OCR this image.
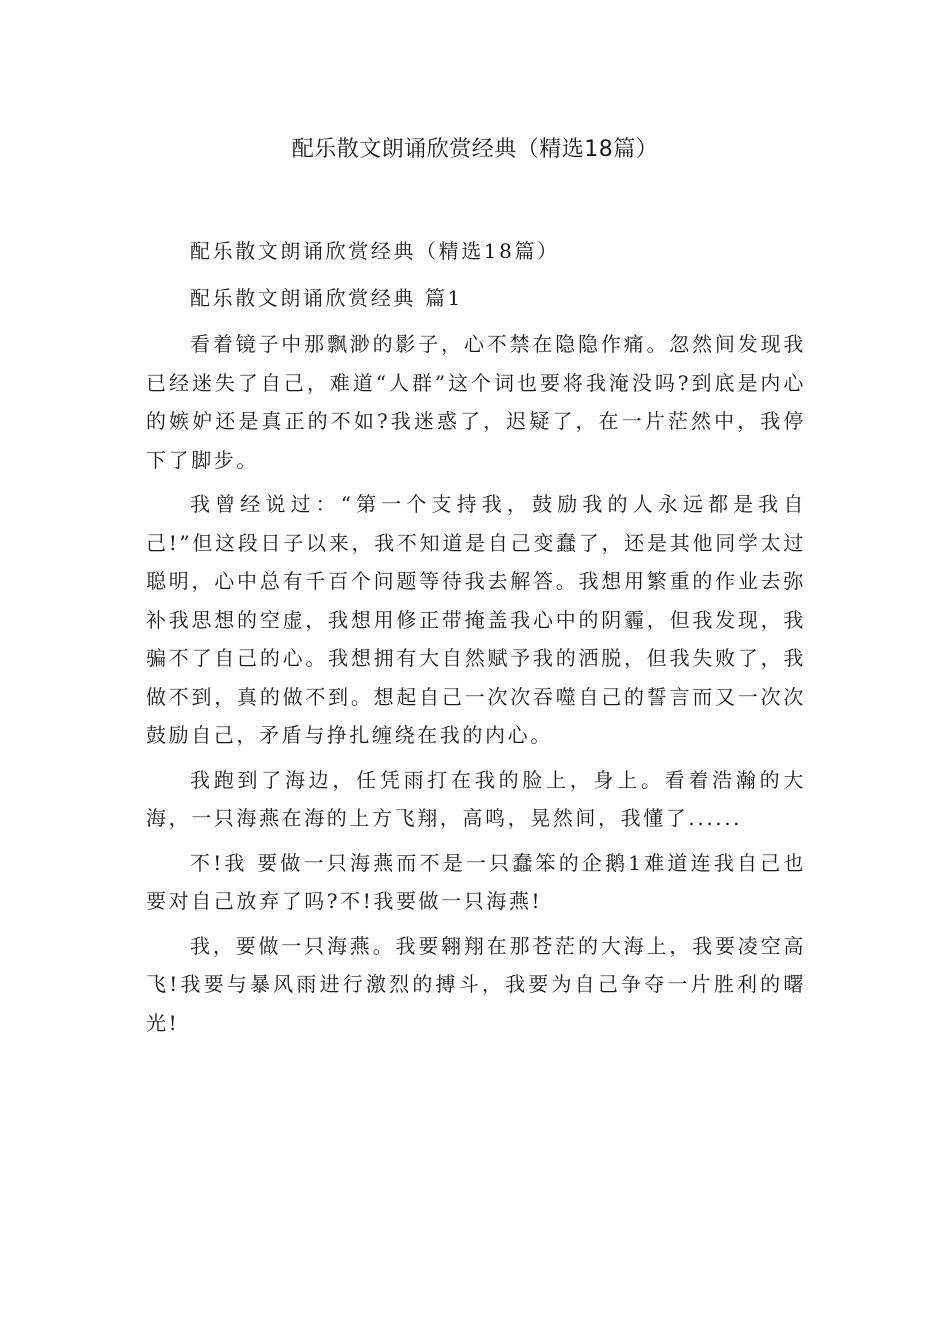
配乐散文朗诵欣赏经典（精选18篇）

配乐散文朗诵欣赏经典（精选18篇）

配乐散文朗诵欣赏经典 篇1

看着镜子中那飘渺的影子，心不禁在隐隐作痛。忽然间发现我已经迷失了自己，难道“人群”这个词也要将我淹没吗?到底是内心的嫉妒还是真正的不如?我迷惑了，迟疑了，在一片茫然中，我停下了脚步。

我曾经说过：“第一个支持我，鼓励我的人永远都是我自己!”但这段日子以来，我不知道是自己变蠢了，还是其他同学太过聪明，心中总有千百个问题等待我去解答。我想用繁重的作业去弥补我思想的空虚，我想用修正带掩盖我心中的阴霾，但我发现，我骗不了自己的心。我想拥有大自然赋予我的洒脱，但我失败了，我做不到，真的做不到。想起自己一次次吞噬自己的誓言而又一次次鼓励自己，矛盾与挣扎缠绕在我的内心。

我跑到了海边，任凭雨打在我的脸上，身上。看着浩瀚的大海，一只海燕在海的上方飞翔，高鸣，晃然间，我懂了......

不!我 要做一只海燕而不是一只蠢笨的企鹅1难道连我自己也要对自己放弃了吗?不!我要做一只海燕!

我，要做一只海燕。我要翱翔在那苍茫的大海上，我要凌空高飞!我要与暴风雨进行激烈的搏斗，我要为自己争夺一片胜利的曙光!
